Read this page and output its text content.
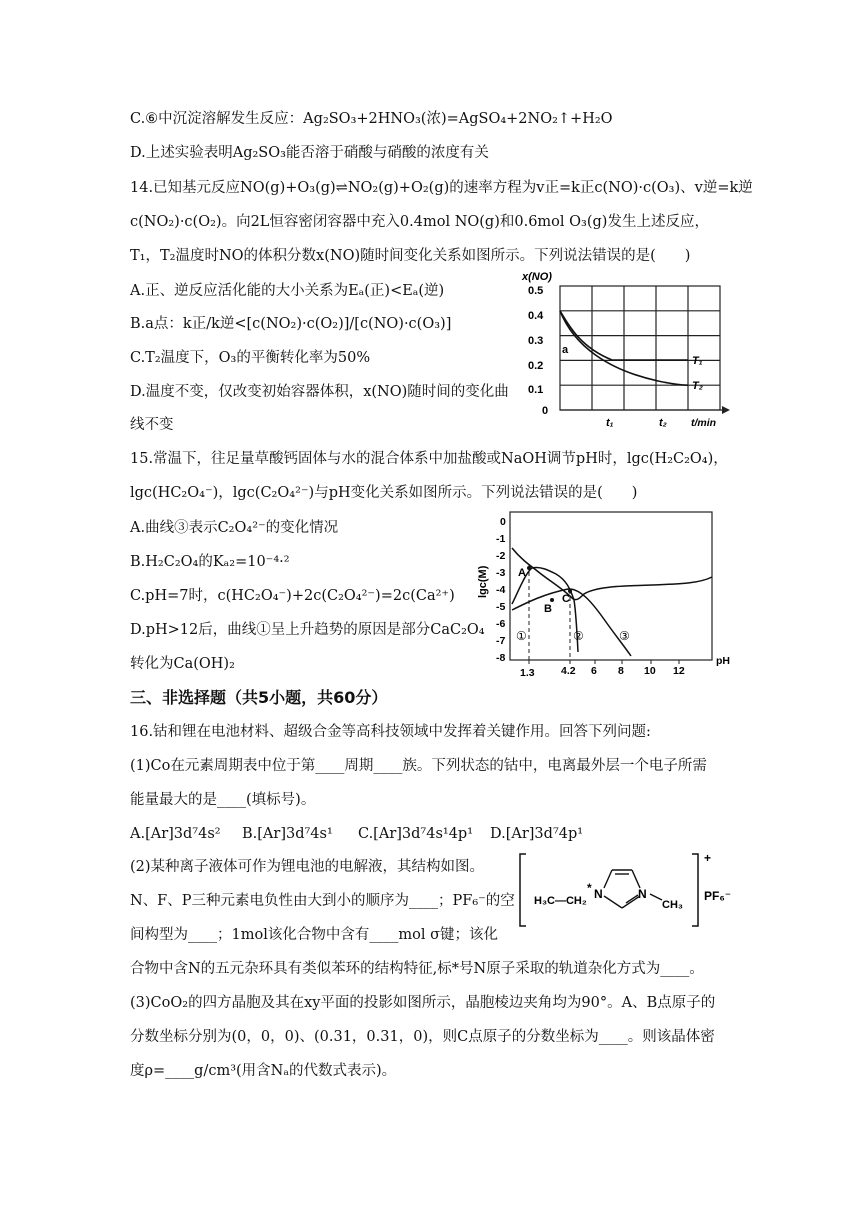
C.⑥中沉淀溶解发生反应：Ag₂SO₃+2HNO₃(浓)=AgSO₄+2NO₂↑+H₂O
D.上述实验表明Ag₂SO₃能否溶于硝酸与硝酸的浓度有关
14.已知基元反应NO(g)+O₃(g)⇌NO₂(g)+O₂(g)的速率方程为v正=k正c(NO)·c(O₃)、v逆=k逆
c(NO₂)·c(O₂)。向2L恒容密闭容器中充入0.4mol NO(g)和0.6mol O₃(g)发生上述反应，
T₁，T₂温度时NO的体积分数x(NO)随时间变化关系如图所示。下列说法错误的是(　　)
A.正、逆反应活化能的大小关系为Eₐ(正)<Eₐ(逆)
B.a点：k正/k逆<[c(NO₂)·c(O₂)]/[c(NO)·c(O₃)]
C.T₂温度下，O₃的平衡转化率为50%
D.温度不变，仅改变初始容器体积，x(NO)随时间的变化曲
线不变
x(NO)
0.5
0.4
0.3
0.2
0.1
0
t₁	t₂ t/min
a
T₁
T₂
15.常温下，往足量草酸钙固体与水的混合体系中加盐酸或NaOH调节pH时，lgc(H₂C₂O₄)，
lgc(HC₂O₄⁻)，lgc(C₂O₄²⁻)与pH变化关系如图所示。下列说法错误的是(　　)
A.曲线③表示C₂O₄²⁻的变化情况
B.H₂C₂O₄的Kₐ₂=10⁻⁴·²
C.pH=7时，c(HC₂O₄⁻)+2c(C₂O₄²⁻)=2c(Ca²⁺)
D.pH>12后，曲线①呈上升趋势的原因是部分CaC₂O₄
转化为Ca(OH)₂
lgc(M)
0
-1
-2
-3
-4
-5
-6
-7
-8
1.3	4.2 6 8 10 12
pH
A
B
C
①	②	③
三、非选择题（共5小题，共60分）
16.钴和锂在电池材料、超级合金等高科技领域中发挥着关键作用。回答下列问题:
(1)Co在元素周期表中位于第____周期____族。下列状态的钴中，电离最外层一个电子所需
能量最大的是____(填标号)。
A.[Ar]3d⁷4s² B.[Ar]3d⁷4s¹ C.[Ar]3d⁷4s¹4p¹ D.[Ar]3d⁷4p¹
(2)某种离子液体可作为锂电池的电解液，其结构如图。
N、F、P三种元素电负性由大到小的顺序为____；PF₆⁻的空
间构型为____；1mol该化合物中含有____mol σ键；该化
合物中含N的五元杂环具有类似苯环的结构特征,标*号N原子采取的轨道杂化方式为____。
+
PF₆⁻
H₃C—CH₂
* N	N
CH₃
(3)CoO₂的四方晶胞及其在xy平面的投影如图所示，晶胞棱边夹角均为90°。A、B点原子的
分数坐标分别为(0，0，0)、(0.31，0.31，0)，则C点原子的分数坐标为____。则该晶体密
度ρ=____g/cm³(用含Nₐ的代数式表示)。
